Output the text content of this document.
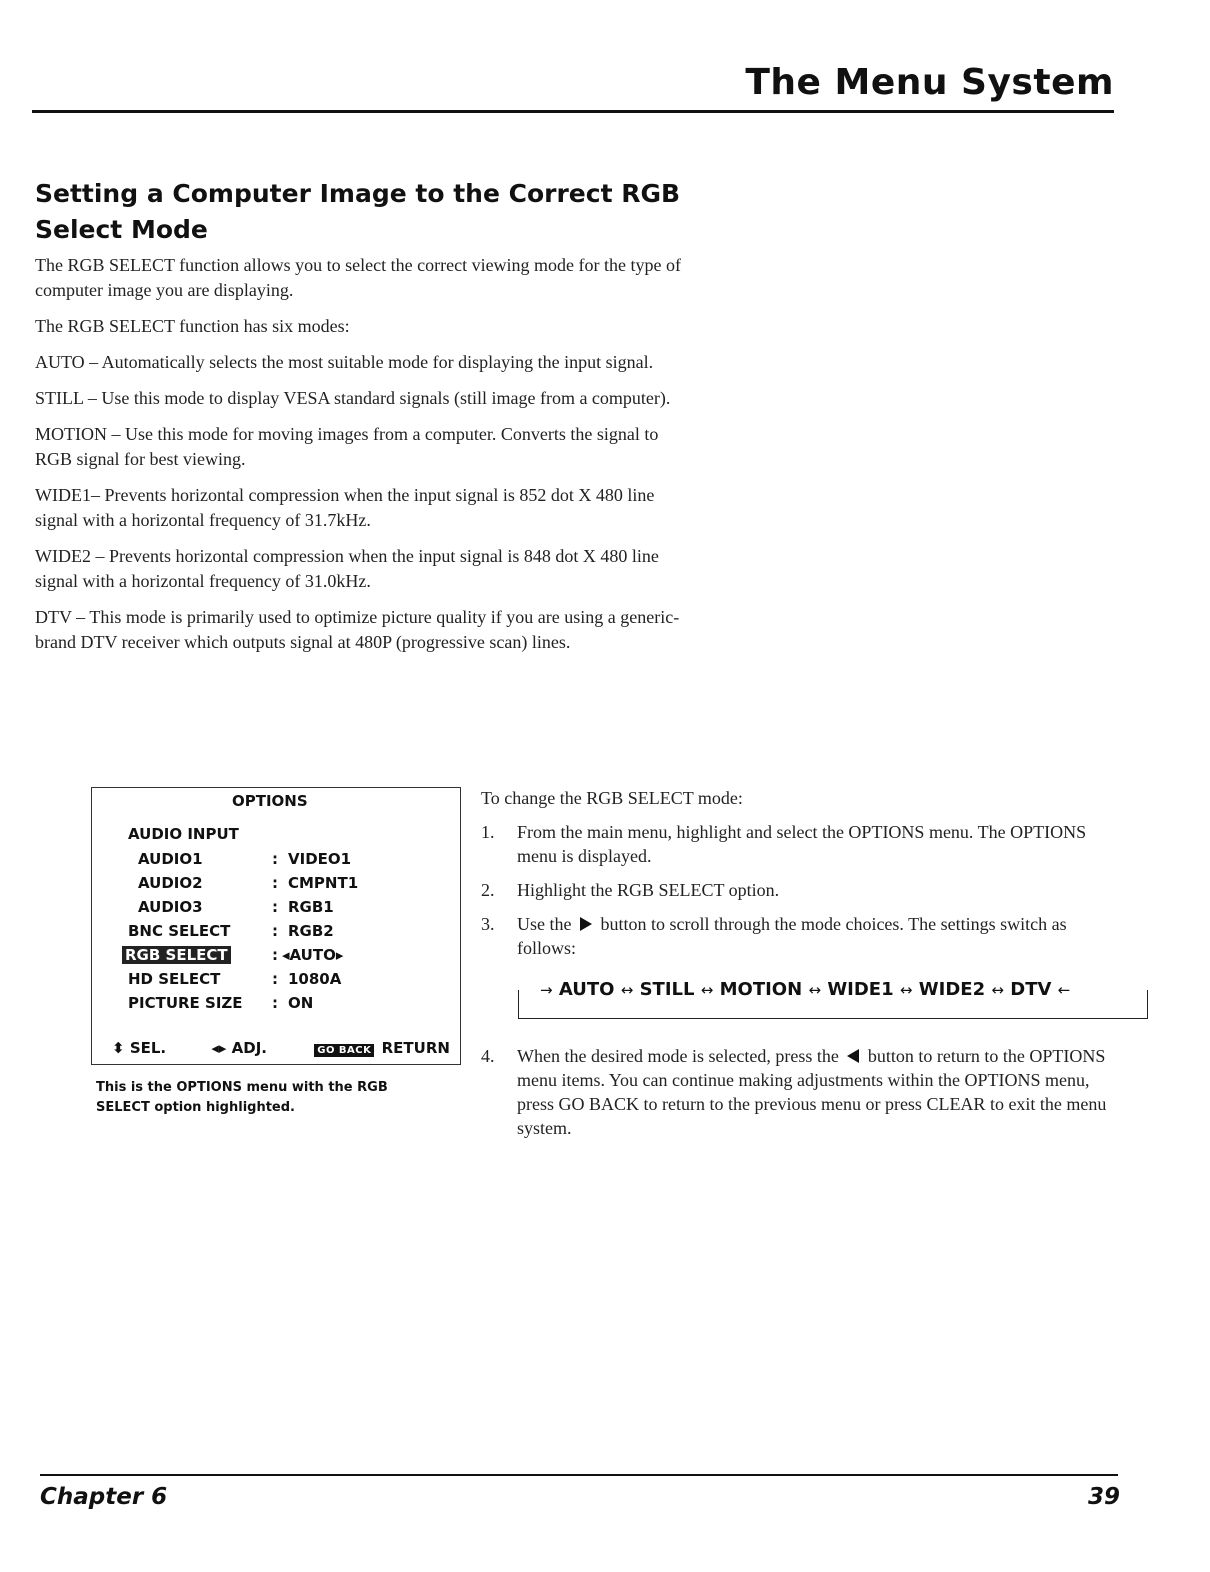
The Menu System
Setting a Computer Image to the Correct RGB Select Mode

The RGB SELECT function allows you to select the correct viewing mode for the type of computer image you are displaying.

The RGB SELECT function has six modes:

AUTO – Automatically selects the most suitable mode for displaying the input signal.

STILL – Use this mode to display VESA standard signals (still image from a computer).

MOTION – Use this mode for moving images from a computer. Converts the signal to RGB signal for best viewing.

WIDE1– Prevents horizontal compression when the input signal is 852 dot X 480 line signal with a horizontal frequency of 31.7kHz.

WIDE2 – Prevents horizontal compression when the input signal is 848 dot X 480 line signal with a horizontal frequency of 31.0kHz.

DTV – This mode is primarily used to optimize picture quality if you are using a generic-brand DTV receiver which outputs signal at 480P (progressive scan) lines.

OPTIONS
AUDIO INPUT
AUDIO1	: VIDEO1
AUDIO2	: CMPNT1
AUDIO3	: RGB1
BNC SELECT	: RGB2
RGB SELECT	: ◂AUTO▸
HD SELECT	: 1080A
PICTURE SIZE : ON
⬍ SEL.	◂▸ ADJ.	GO BACK RETURN
This is the OPTIONS menu with the RGB SELECT option highlighted.

To change the RGB SELECT mode:

1. From the main menu, highlight and select the OPTIONS menu. The OPTIONS menu is displayed.
2. Highlight the RGB SELECT option.
3. Use the button to scroll through the mode choices. The settings switch as follows:
→ AUTO ↔ STILL ↔ MOTION ↔ WIDE1 ↔ WIDE2 ↔ DTV ←
4. When the desired mode is selected, press the button to return to the OPTIONS menu items. You can continue making adjustments within the OPTIONS menu, press GO BACK to return to the previous menu or press CLEAR to exit the menu system.
Chapter 6	39
